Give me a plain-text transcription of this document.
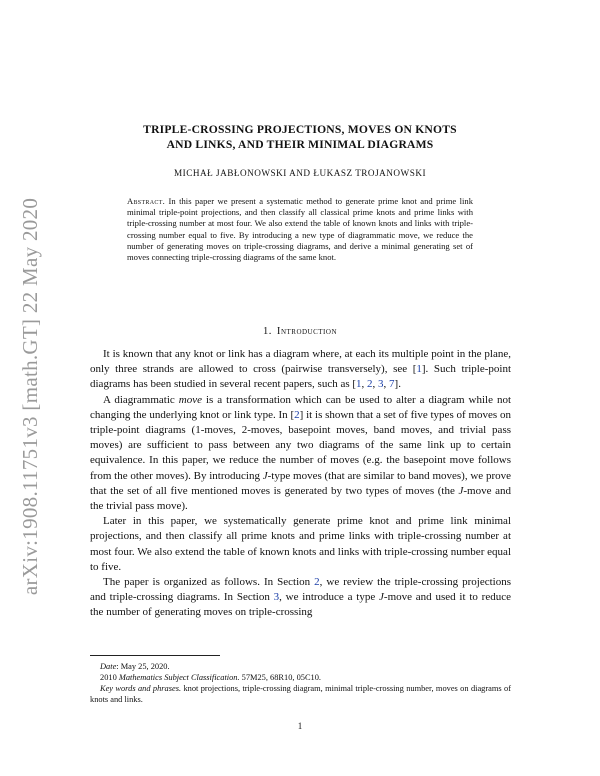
arXiv:1908.11751v3 [math.GT] 22 May 2020
TRIPLE-CROSSING PROJECTIONS, MOVES ON KNOTS
AND LINKS, AND THEIR MINIMAL DIAGRAMS
MICHAŁ JABŁONOWSKI AND ŁUKASZ TROJANOWSKI
Abstract. In this paper we present a systematic method to generate prime knot and prime link minimal triple-point projections, and then classify all classical prime knots and prime links with triple-crossing number at most four. We also extend the table of known knots and links with triple-crossing number equal to five. By introducing a new type of diagrammatic move, we reduce the number of generating moves on triple-crossing diagrams, and derive a minimal generating set of moves connecting triple-crossing diagrams of the same knot.
1. Introduction

It is known that any knot or link has a diagram where, at each its multiple point in the plane, only three strands are allowed to cross (pairwise transversely), see [1]. Such triple-point diagrams has been studied in several recent papers, such as [1, 2, 3, 7].

A diagrammatic move is a transformation which can be used to alter a diagram while not changing the underlying knot or link type. In [2] it is shown that a set of five types of moves on triple-point diagrams (1-moves, 2-moves, basepoint moves, band moves, and trivial pass moves) are sufficient to pass between any two diagrams of the same link up to certain equivalence. In this paper, we reduce the number of moves (e.g. the basepoint move follows from the other moves). By introducing J-type moves (that are similar to band moves), we prove that the set of all five mentioned moves is generated by two types of moves (the J-move and the trivial pass move).

Later in this paper, we systematically generate prime knot and prime link minimal projections, and then classify all prime knots and prime links with triple-crossing number at most four. We also extend the table of known knots and links with triple-crossing number equal to five.

The paper is organized as follows. In Section 2, we review the triple-crossing projections and triple-crossing diagrams. In Section 3, we introduce a type J-move and used it to reduce the number of generating moves on triple-crossing

Date: May 25, 2020.
2010 Mathematics Subject Classification. 57M25, 68R10, 05C10.
Key words and phrases. knot projections, triple-crossing diagram, minimal triple-crossing number, moves on diagrams of knots and links.
1
